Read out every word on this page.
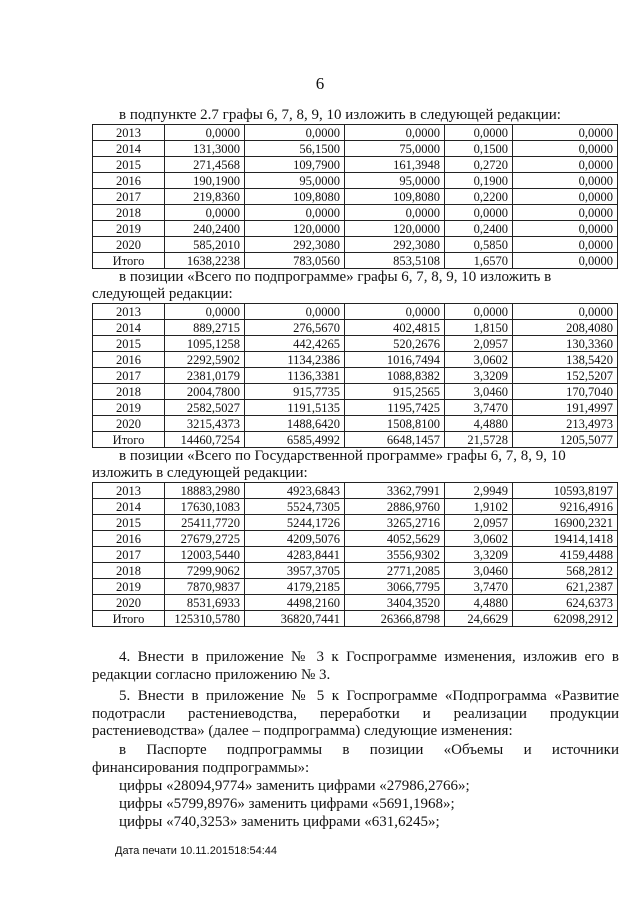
6
в подпункте 2.7 графы 6, 7, 8, 9, 10 изложить в следующей редакции:
2013	0,0000	0,0000	0,0000	0,0000	0,0000
2014	131,3000	56,1500	75,0000	0,1500	0,0000
2015	271,4568	109,7900	161,3948	0,2720	0,0000
2016	190,1900	95,0000	95,0000	0,1900	0,0000
2017	219,8360	109,8080	109,8080	0,2200	0,0000
2018	0,0000	0,0000	0,0000	0,0000	0,0000
2019	240,2400	120,0000	120,0000	0,2400	0,0000
2020	585,2010	292,3080	292,3080	0,5850	0,0000
Итого	1638,2238	783,0560	853,5108	1,6570	0,0000
в позиции «Всего по подпрограмме» графы 6, 7, 8, 9, 10 изложить в
следующей редакции:
2013	0,0000	0,0000	0,0000	0,0000	0,0000
2014	889,2715	276,5670	402,4815	1,8150	208,4080
2015	1095,1258	442,4265	520,2676	2,0957	130,3360
2016	2292,5902	1134,2386	1016,7494	3,0602	138,5420
2017	2381,0179	1136,3381	1088,8382	3,3209	152,5207
2018	2004,7800	915,7735	915,2565	3,0460	170,7040
2019	2582,5027	1191,5135	1195,7425	3,7470	191,4997
2020	3215,4373	1488,6420	1508,8100	4,4880	213,4973
Итого	14460,7254	6585,4992	6648,1457	21,5728	1205,5077
в позиции «Всего по Государственной программе» графы 6, 7, 8, 9, 10
изложить в следующей редакции:
2013	18883,2980	4923,6843	3362,7991	2,9949	10593,8197
2014	17630,1083	5524,7305	2886,9760	1,9102	9216,4916
2015	25411,7720	5244,1726	3265,2716	2,0957	16900,2321
2016	27679,2725	4209,5076	4052,5629	3,0602	19414,1418
2017	12003,5440	4283,8441	3556,9302	3,3209	4159,4488
2018	7299,9062	3957,3705	2771,2085	3,0460	568,2812
2019	7870,9837	4179,2185	3066,7795	3,7470	621,2387
2020	8531,6933	4498,2160	3404,3520	4,4880	624,6373
Итого	125310,5780	36820,7441	26366,8798	24,6629	62098,2912
4. Внести в приложение № 3 к Госпрограмме изменения, изложив его в
редакции согласно приложению № 3.
5. Внести в приложение № 5 к Госпрограмме «Подпрограмма «Развитие
подотрасли растениеводства, переработки и реализации продукции
растениеводства» (далее – подпрограмма) следующие изменения:
в Паспорте подпрограммы в позиции «Объемы и источники
финансирования подпрограммы»:
цифры «28094,9774» заменить цифрами «27986,2766»;
цифры «5799,8976» заменить цифрами «5691,1968»;
цифры «740,3253» заменить цифрами «631,6245»;
Дата печати 10.11.201518:54:44
